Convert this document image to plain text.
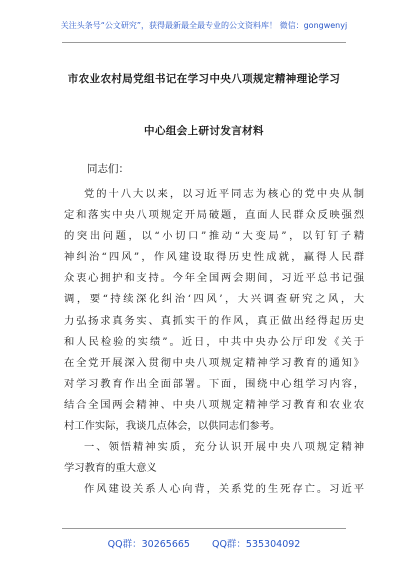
关注头条号“公文研究”，获得最新最全最专业的公文资料库！ 微信：gongwenyj
市农业农村局党组书记在学习中央八项规定精神理论学习
中心组会上研讨发言材料
同志们：
党的十八大以来，以习近平同志为核心的党中央从制
定和落实中央八项规定开局破题，直面人民群众反映强烈
的突出问题，以“小切口”推动“大变局”，以钉钉子精
神纠治“四风”，作风建设取得历史性成就，赢得人民群
众衷心拥护和支持。今年全国两会期间，习近平总书记强
调，要“持续深化纠治‘四风’，大兴调查研究之风，大
力弘扬求真务实、真抓实干的作风，真正做出经得起历史
和人民检验的实绩”。近日，中共中央办公厅印发《关于
在全党开展深入贯彻中央八项规定精神学习教育的通知》
对学习教育作出全面部署。下面，围绕中心组学习内容，
结合全国两会精神、中央八项规定精神学习教育和农业农
村工作实际，我谈几点体会，以供同志们参考。
一、领悟精神实质，充分认识开展中央八项规定精神
学习教育的重大意义
作风建设关系人心向背，关系党的生死存亡。习近平
QQ群：30265665 QQ群：535304092
